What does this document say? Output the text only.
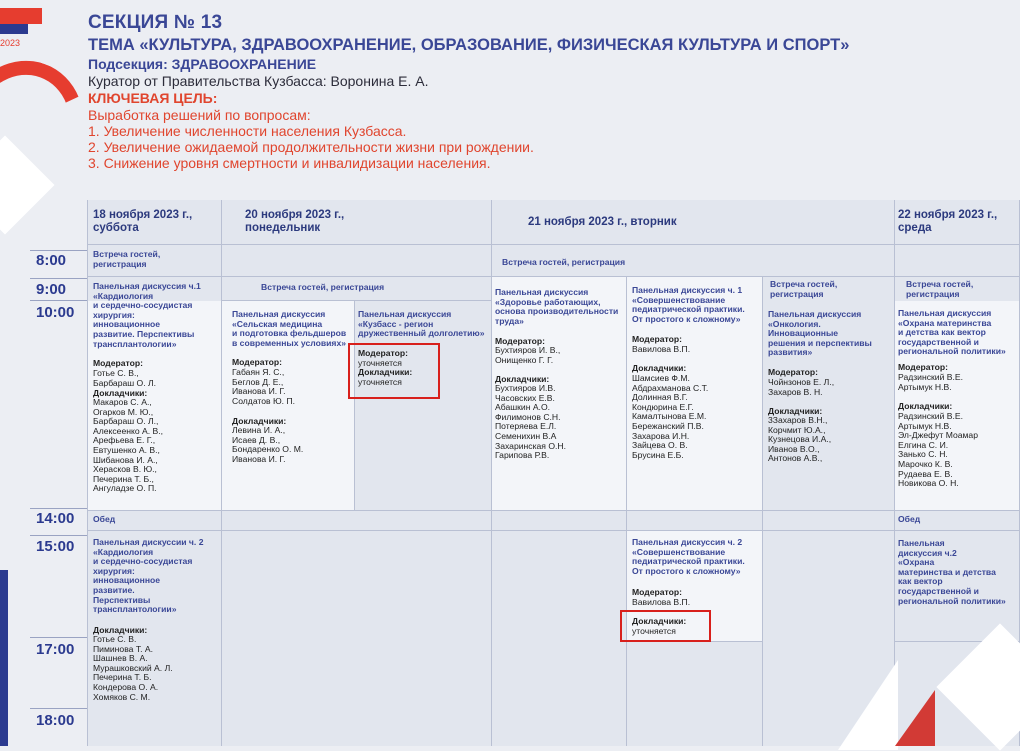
2023
СЕКЦИЯ № 13
ТЕМА «КУЛЬТУРА, ЗДРАВООХРАНЕНИЕ, ОБРАЗОВАНИЕ, ФИЗИЧЕСКАЯ КУЛЬТУРА И СПОРТ»
Подсекция: ЗДРАВООХРАНЕНИЕ
Куратор от Правительства Кузбасса: Воронина Е. А.
КЛЮЧЕВАЯ ЦЕЛЬ:
Выработка решений по вопросам:
1. Увеличение численности населения Кузбасса.
2. Увеличение ожидаемой продолжительности жизни при рождении.
3. Снижение уровня смертности и инвалидизации населения.
8:00
9:00
10:00
14:00
15:00
17:00
18:00
18 ноября 2023 г.,
суббота
20 ноября 2023 г.,
понедельник	21 ноября 2023 г., вторник
22 ноября 2023 г.,
среда
Встреча гостей,
регистрация
Панельная дискуссия ч.1
«Кардиология
и сердечно-сосудистая
хирургия:
инновационное
развитие. Перспективы
трансплантологии»
Модератор:
Готье С. В.,
Барбараш О. Л.
Докладчики:
Макаров С. А.,
Огарков М. Ю.,
Барбараш О. Л.,
Алексеенко А. В.,
Арефьева Е. Г.,
Евтушенко А. В.,
Шибанова И. А.,
Херасков В. Ю.,
Печерина Т. Б.,
Ангуладзе О. П.
Обед
Панельная дискуссии ч. 2
«Кардиология
и сердечно-сосудистая
хирургия:
инновационное
развитие.
Перспективы
трансплантологии»
Докладчики:
Готье С. В.
Пиминова Т. А.
Шашнев В. А.
Мурашковский А. Л.
Печерина Т. Б.
Кондерова О. А.
Хомяков С. М.
Встреча гостей, регистрация
Панельная дискуссия
«Сельская медицина
и подготовка фельдшеров
в современных условиях»
Модератор:
Габаян Я. С.,
Беглов Д. Е.,
Иванова И. Г.
Солдатов Ю. П.
Докладчики:
Левина И. А.,
Исаев Д. В.,
Бондаренко О. М.
Иванова И. Г.
Панельная дискуссия
«Кузбасс - регион
дружественный долголетию»
Модератор:
уточняется
Докладчики:
уточняется
Встреча гостей, регистрация
Панельная дискуссия
«Здоровье работающих,
основа производительности
труда»
Модератор:
Бухтияров И. В.,
Онищенко Г. Г.
Докладчики:
Бухтияров И.В.
Часовских Е.В.
Абашкин А.О.
Филимонов С.Н.
Потеряева Е.Л.
Семенихин В.А
Захаринская О.Н.
Гарипова Р.В.
Панельная дискуссия ч. 1
«Совершенствование
педиатрической практики.
От простого к сложному»
Модератор:
Вавилова В.П.
Докладчики:
Шамсиев Ф.М.
Абдрахманова С.Т.
Долинная В.Г.
Кондюрина Е.Г.
Камалтынова Е.М.
Бережанский П.В.
Захарова И.Н.
Зайцева О. В.
Брусина Е.Б.
Панельная дискуссия ч. 2
«Совершенствование
педиатрической практики.
От простого к сложному»
Модератор:
Вавилова В.П.
Докладчики:
уточняется
Встреча гостей,
регистрация
Панельная дискуссия
«Онкология.
Инновационные
решения и перспективы
развития»
Модератор:
Чойнзонов Е. Л.,
Захаров В. Н.
Докладчики:
3Захаров В.Н.,
Корчмит Ю.А.,
Кузнецова И.А.,
Иванов В.О.,
Антонов А.В.,
Встреча гостей,
регистрация
Панельная дискуссия
«Охрана материнства
и детства как вектор
государственной и
региональной политики»
Модератор:
Радзинский В.Е.
Артымук Н.В.
Докладчики:
Радзинский В.Е.
Артымук Н.В.
Эл-Джефут Моамар
Елгина С. И.
Занько С. Н.
Марочко К. В.
Рудаева Е. В.
Новикова О. Н.
Обед
Панельная
дискуссия ч.2
«Охрана
материнства и детства
как вектор
государственной и
региональной политики»
